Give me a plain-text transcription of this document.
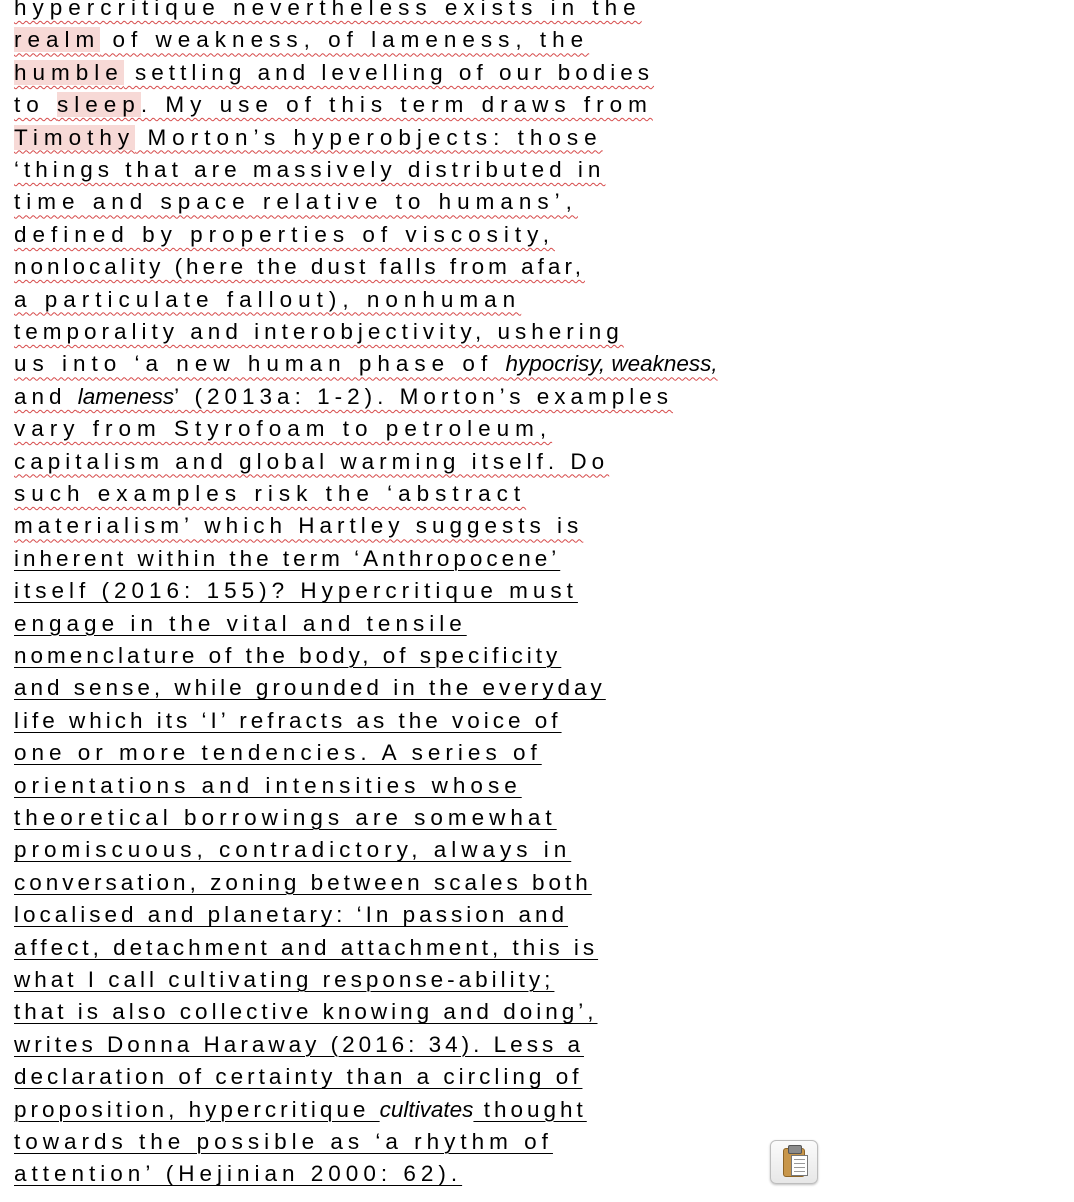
hypercritique nevertheless exists in the
realm of weakness, of lameness, the
humble settling and levelling of our bodies
to sleep. My use of this term draws from
Timothy Morton’s hyperobjects: those
‘things that are massively distributed in
time and space relative to humans’,
defined by properties of viscosity,
nonlocality (here the dust falls from afar,
a particulate fallout), nonhuman
temporality and interobjectivity, ushering
us into ‘a new human phase of hypocrisy, weakness,
and lameness’ (2013a: 1-2). Morton’s examples
vary from Styrofoam to petroleum,
capitalism and global warming itself. Do
such examples risk the ‘abstract
materialism’ which Hartley suggests is
inherent within the term ‘Anthropocene’
itself (2016: 155)? Hypercritique must
engage in the vital and tensile
nomenclature of the body, of specificity
and sense, while grounded in the everyday
life which its ‘I’ refracts as the voice of
one or more tendencies. A series of
orientations and intensities whose
theoretical borrowings are somewhat
promiscuous, contradictory, always in
conversation, zoning between scales both
localised and planetary: ‘In passion and
affect, detachment and attachment, this is
what I call cultivating response-ability;
that is also collective knowing and doing’,
writes Donna Haraway (2016: 34). Less a
declaration of certainty than a circling of
proposition, hypercritique cultivates thought
towards the possible as ‘a rhythm of
attention’ (Hejinian 2000: 62).
